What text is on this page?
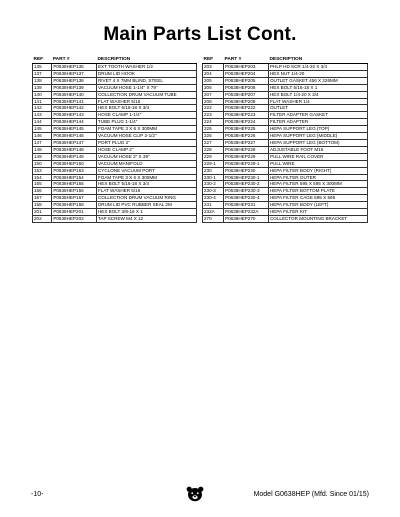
Main Parts List Cont.
REF	PART #	DESCRIPTION
135	P0638HEP135	EXT TOOTH WASHER 1/2
137	P0638HEP137	DRUM LID HOOK
138	P0638HEP138	RIVET 4 X 7MM BLIND, STEEL
139	P0638HEP139	VACUUM HOSE 1-1/4" X 79"
140	P0638HEP140	COLLECTION DRUM VACUUM TUBE
141	P0638HEP141	FLAT WASHER 5/16
142	P0638HEP142	HEX BOLT 5/16-18 X 3/4
143	P0638HEP143	HOSE CLAMP 1-1/4"
144	P0638HEP144	TUBE PLUG 1-1/4"
145	P0638HEP145	FOAM TAPE 3 X 6 X 300MM
146	P0638HEP146	VACUUM HOSE CLIP 2-1/2"
147	P0638HEP147	PORT PLUG 2"
148	P0638HEP148	HOSE CLAMP 2"
149	P0638HEP149	VACUUM HOSE 2" X 39"
150	P0638HEP150	VACUUM MANIFOLD
153	P0638HEP153	CYCLONE VACUUM PORT
154	P0638HEP154	FOAM TAPE 3 X 6 X 300MM
155	P0638HEP155	HEX BOLT 5/16-18 X 3/4
156	P0638HEP156	FLAT WASHER 5/16
157	P0638HEP157	COLLECTION DRUM VACUUM RING
158	P0638HEP158	DRUM LID PVC RUBBER SEAL 2M
201	P0638HEP201	HEX BOLT 3/8-16 X 1
202	P0638HEP202	TAP SCREW M4 X 12
REF	PART #	DESCRIPTION
203	P0638HEP203	PHLP HD SCR 1/4-20 X 3/4
204	P0638HEP204	HEX NUT 1/4-20
205	P0638HEP205	OUTLET GASKET 456 X 226MM
206	P0638HEP206	HEX BOLT 5/16-18 X 1
207	P0638HEP207	HEX BOLT 1/4-20 X 3/4
208	P0638HEP208	FLAT WASHER 1/4
222	P0638HEP222	OUTLET
223	P0638HEP223	FILTER ADAPTER GASKET
224	P0638HEP224	FILTER ADAPTER
225	P0638HEP225	HEPA SUPPORT LEG (TOP)
226	P0638HEP226	HEPA SUPPORT LEG (MIDDLE)
227	P0638HEP227	HEPA SUPPORT LEG (BOTTOM)
228	P0638HEP228	ADJUSTABLE FOOT M16
229	P0638HEP229	PULL WIRE RAIL COVER
229-1	P0638HEP229-1	PULL WIRE
230	P0638HEP230	HEPA FILTER BODY (RIGHT)
230-1	P0638HEP230-1	HEPA FILTER OUTER
230-2	P0638HEP230-2	HEPA FILTER 595 X 595 X 300MM
230-3	P0638HEP230-3	HEPA FILTER BOTTOM PLATE
230-4	P0638HEP230-4	HEPA FILTER CAGE 595 X 595
231	P0638HEP231	HEPA FILTER BODY (LEFT)
232A	P0638HEP232A	HEPA FILTER KIT
270	P0638HEP270	COLLECTOR MOUNTING BRACKET
-10-	Model G0638HEP (Mfd. Since 01/15)
